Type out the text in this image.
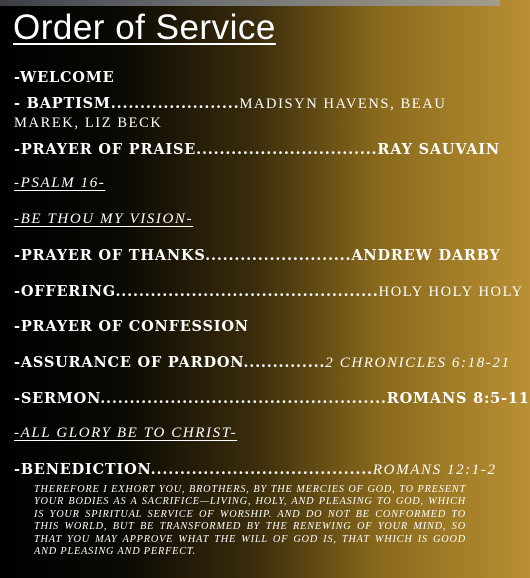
Order of Service
-WELCOME
- BAPTISM......................MADISYN HAVENS, BEAU MAREK, LIZ BECK
-PRAYER OF PRAISE...............................RAY SAUVAIN
-PSALM 16-
-BE THOU MY VISION-
-PRAYER OF THANKS.........................ANDREW DARBY
-OFFERING.............................................HOLY HOLY HOLY
-PRAYER OF CONFESSION
-ASSURANCE OF PARDON..............2 CHRONICLES 6:18-21
-SERMON.................................................ROMANS 8:5-11
-ALL GLORY BE TO CHRIST-
-BENEDICTION......................................ROMANS 12:1-2
THEREFORE I EXHORT YOU, BROTHERS, BY THE MERCIES OF GOD, TO PRESENT YOUR BODIES AS A SACRIFICE—LIVING, HOLY, AND PLEASING TO GOD, WHICH IS YOUR SPIRITUAL SERVICE OF WORSHIP. AND DO NOT BE CONFORMED TO THIS WORLD, BUT BE TRANSFORMED BY THE RENEWING OF YOUR MIND, SO THAT YOU MAY APPROVE WHAT THE WILL OF GOD IS, THAT WHICH IS GOOD AND PLEASING AND PERFECT.
